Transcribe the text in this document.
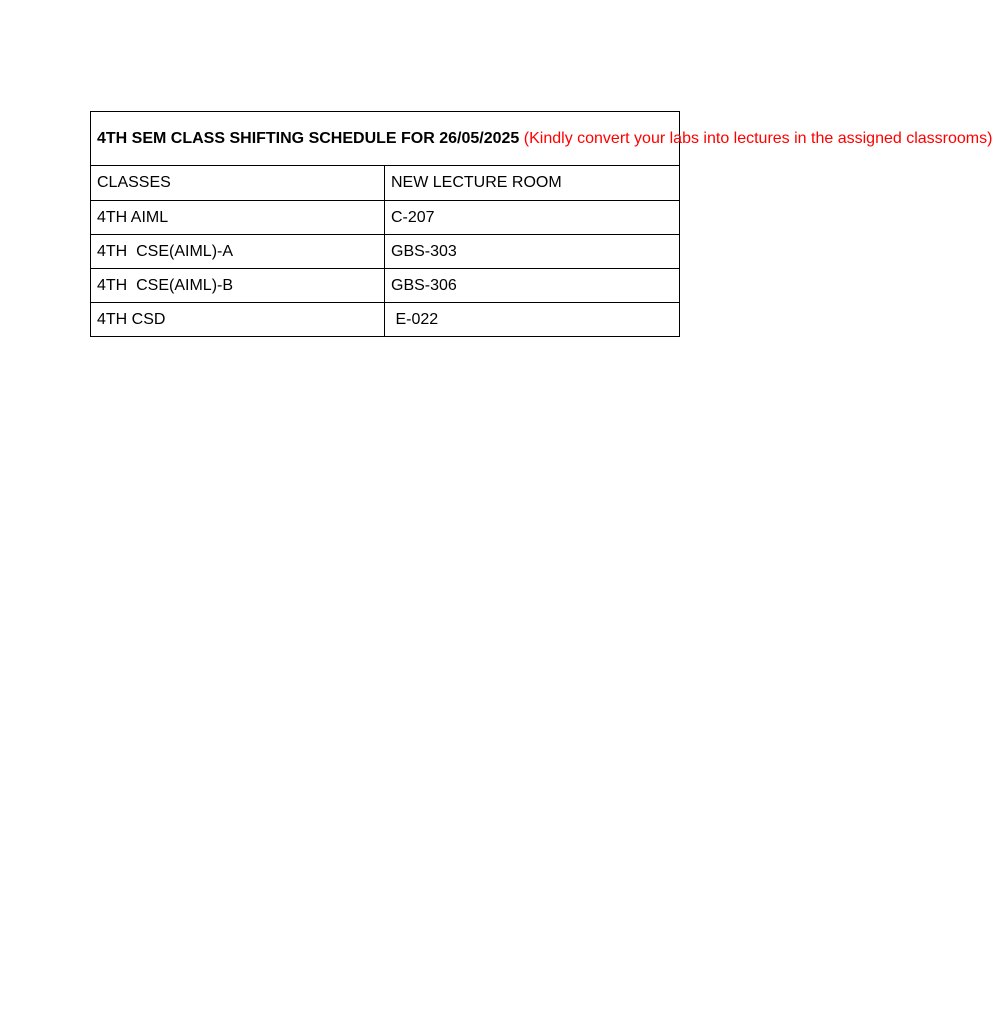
4TH SEM CLASS SHIFTING SCHEDULE FOR 26/05/2025 (Kindly convert your labs into lectures in the assigned classrooms)	
CLASSES	NEW LECTURE ROOM
4TH AIML	C-207
4TH  CSE(AIML)-A	GBS-303
4TH  CSE(AIML)-B	GBS-306
4TH CSD	E-022
